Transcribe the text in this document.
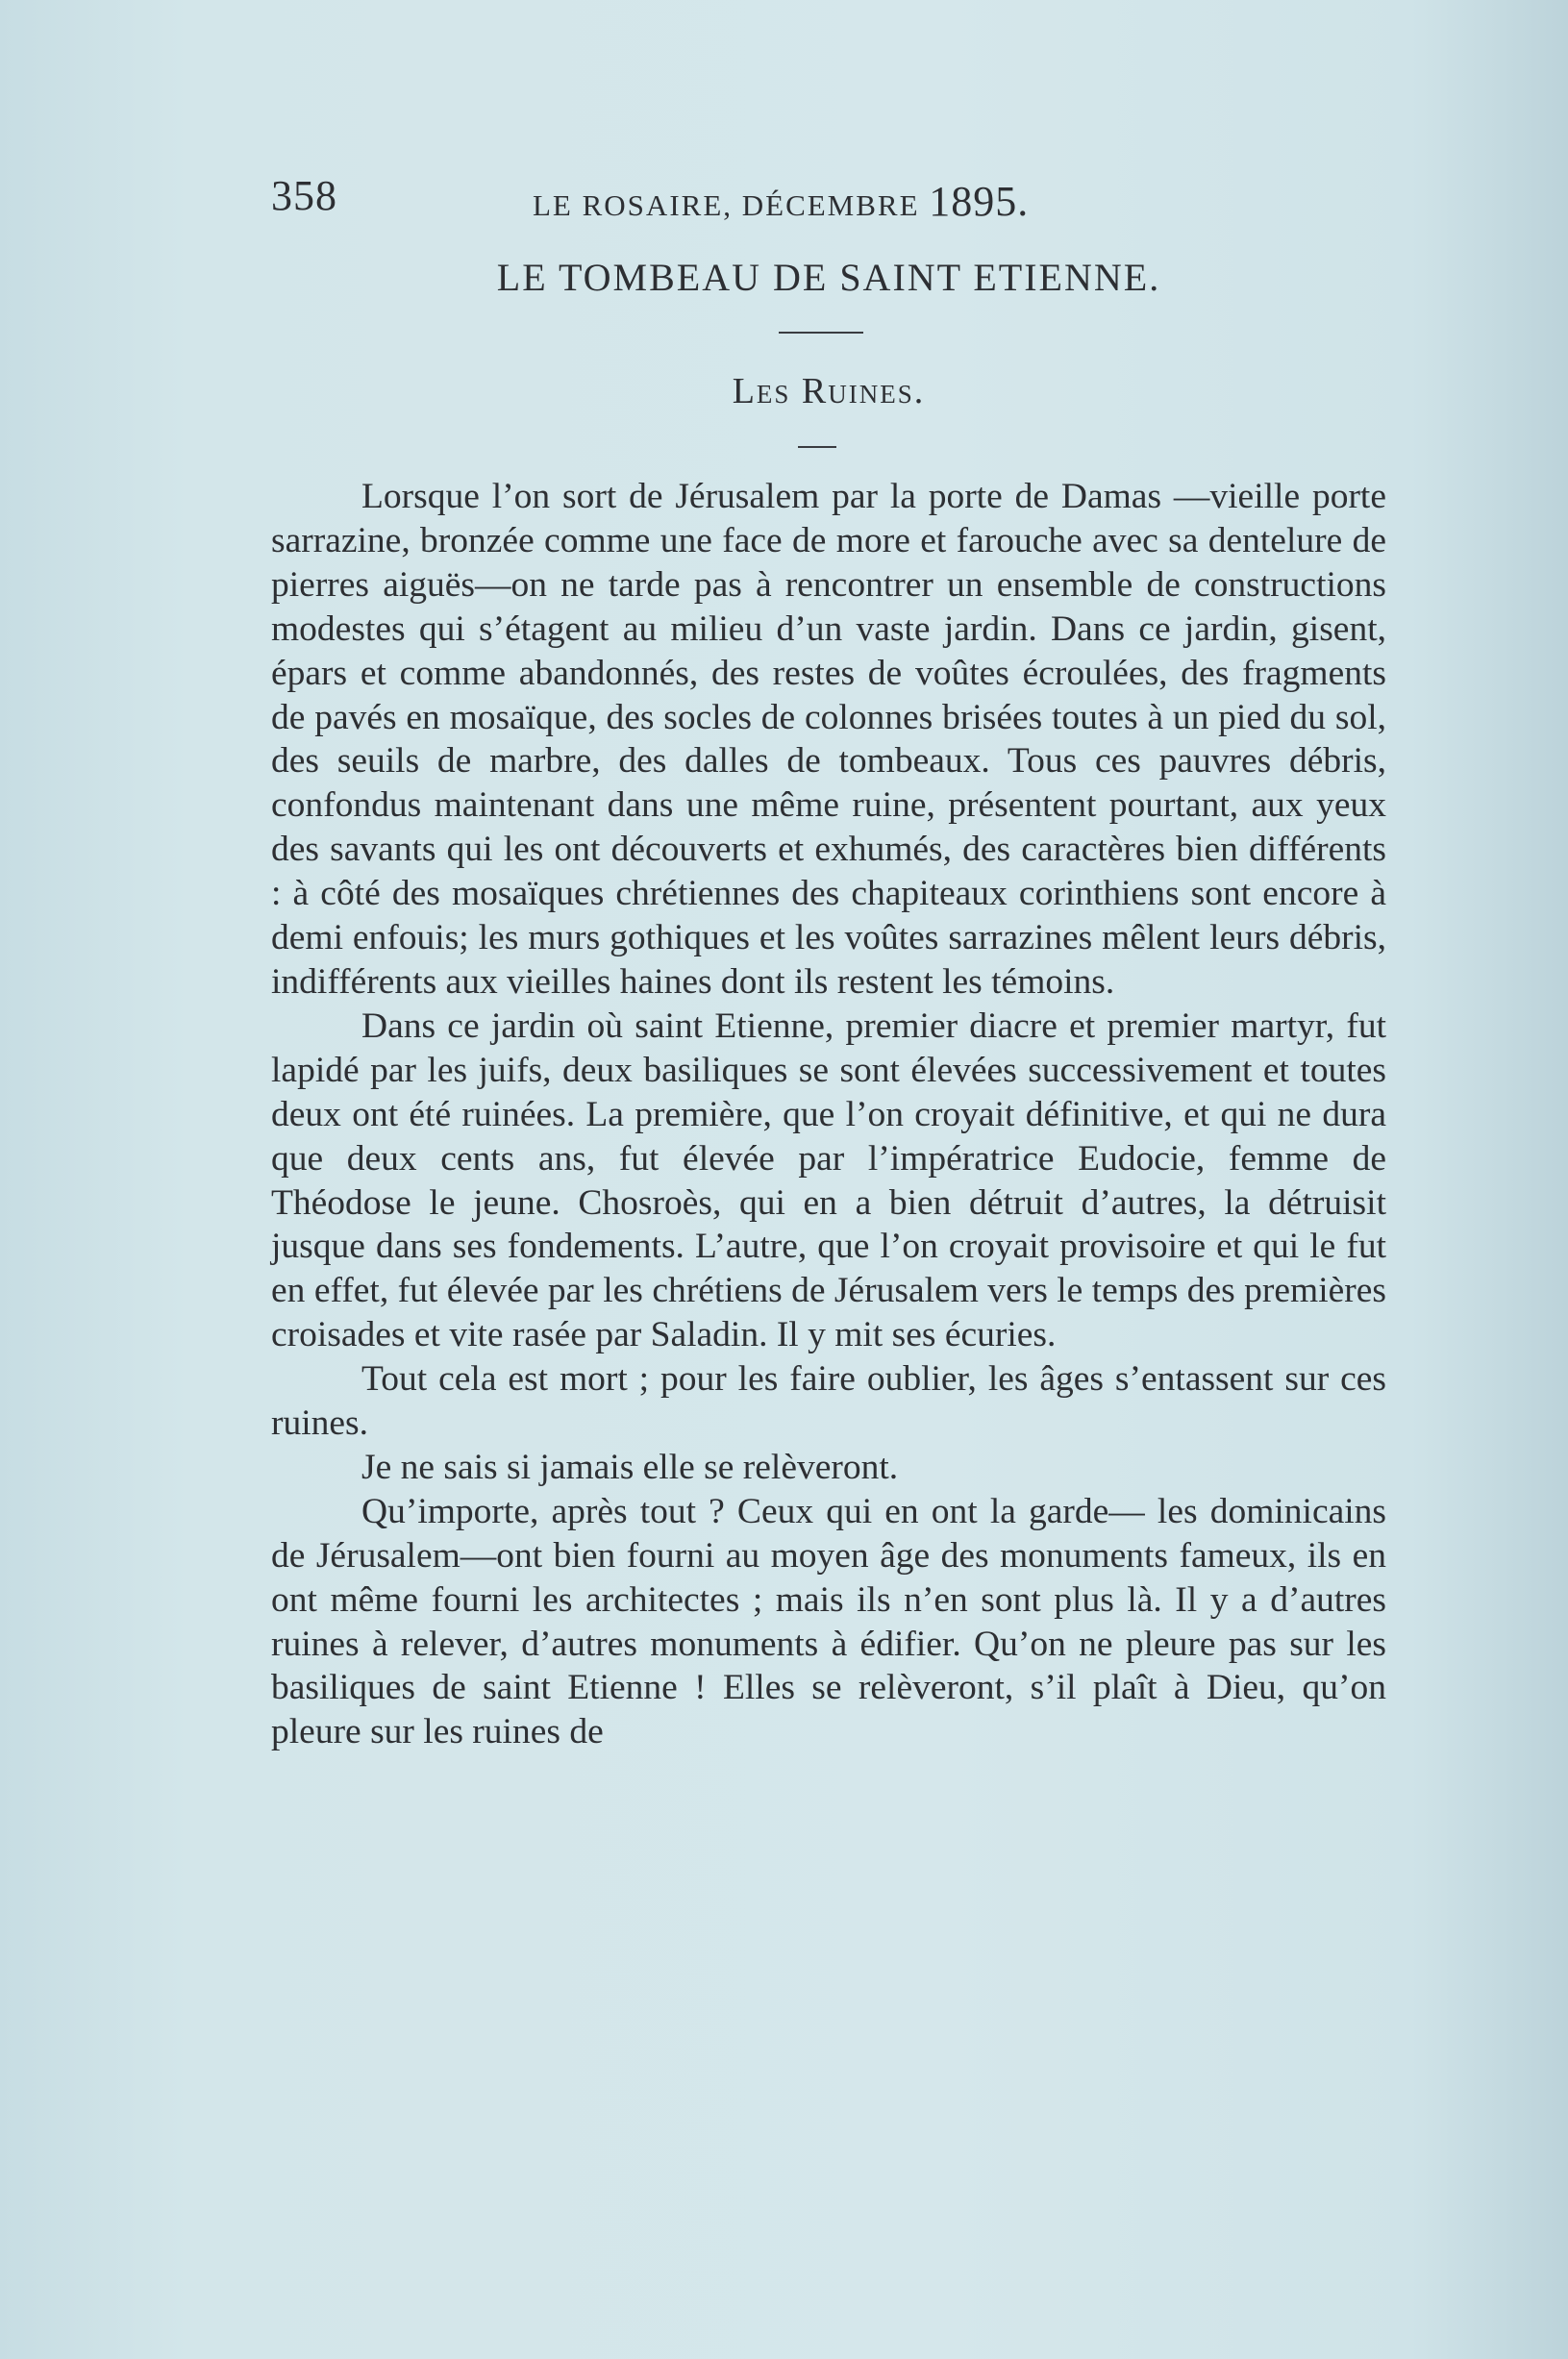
358	LE ROSAIRE, DÉCEMBRE 1895.
LE TOMBEAU DE SAINT ETIENNE.
Les Ruines.

Lorsque l’on sort de Jérusalem par la porte de Damas —vieille porte sarrazine, bronzée comme une face de more et farouche avec sa dentelure de pierres aiguës—on ne tarde pas à rencontrer un ensemble de constructions modestes qui s’étagent au milieu d’un vaste jardin. Dans ce jardin, gisent, épars et comme abandonnés, des restes de voûtes écroulées, des fragments de pavés en mosaïque, des socles de colonnes brisées toutes à un pied du sol, des seuils de marbre, des dalles de tombeaux. Tous ces pauvres débris, confondus maintenant dans une même ruine, présentent pourtant, aux yeux des savants qui les ont découverts et exhumés, des caractères bien différents : à côté des mosaïques chrétiennes des chapiteaux corinthiens sont encore à demi enfouis; les murs gothiques et les voûtes sarrazines mêlent leurs débris, indifférents aux vieilles haines dont ils restent les témoins.

Dans ce jardin où saint Etienne, premier diacre et premier martyr, fut lapidé par les juifs, deux basiliques se sont élevées successivement et toutes deux ont été ruinées. La première, que l’on croyait définitive, et qui ne dura que deux cents ans, fut élevée par l’impératrice Eudocie, femme de Théodose le jeune. Chosroès, qui en a bien détruit d’autres, la détruisit jusque dans ses fondements. L’autre, que l’on croyait provisoire et qui le fut en effet, fut élevée par les chrétiens de Jérusalem vers le temps des premières croisades et vite rasée par Saladin. Il y mit ses écuries.

Tout cela est mort ; pour les faire oublier, les âges s’entassent sur ces ruines.

Je ne sais si jamais elle se relèveront.

Qu’importe, après tout ? Ceux qui en ont la garde— les dominicains de Jérusalem—ont bien fourni au moyen âge des monuments fameux, ils en ont même fourni les architectes ; mais ils n’en sont plus là. Il y a d’autres ruines à relever, d’autres monuments à édifier. Qu’on ne pleure pas sur les basiliques de saint Etienne ! Elles se relèveront, s’il plaît à Dieu, qu’on pleure sur les ruines de
